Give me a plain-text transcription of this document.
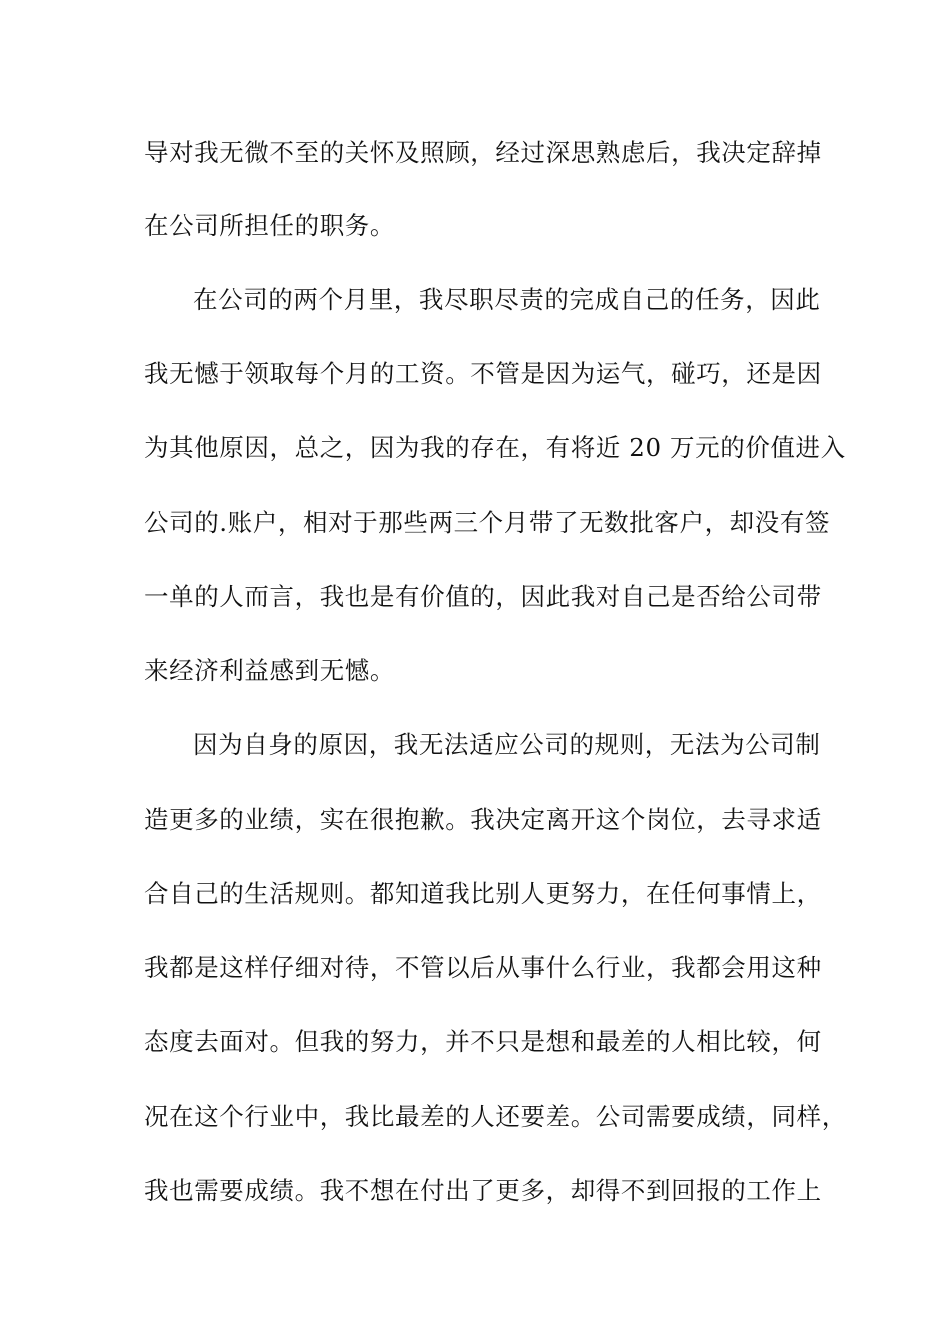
导对我无微不至的关怀及照顾，经过深思熟虑后，我决定辞掉
在公司所担任的职务。
在公司的两个月里，我尽职尽责的完成自己的任务，因此
我无憾于领取每个月的工资。不管是因为运气，碰巧，还是因
为其他原因，总之，因为我的存在，有将近 20 万元的价值进入
公司的.账户，相对于那些两三个月带了无数批客户，却没有签
一单的人而言，我也是有价值的，因此我对自己是否给公司带
来经济利益感到无憾。
因为自身的原因，我无法适应公司的规则，无法为公司制
造更多的业绩，实在很抱歉。我决定离开这个岗位，去寻求适
合自己的生活规则。都知道我比别人更努力，在任何事情上，
我都是这样仔细对待，不管以后从事什么行业，我都会用这种
态度去面对。但我的努力，并不只是想和最差的人相比较，何
况在这个行业中，我比最差的人还要差。公司需要成绩，同样，
我也需要成绩。我不想在付出了更多，却得不到回报的工作上
